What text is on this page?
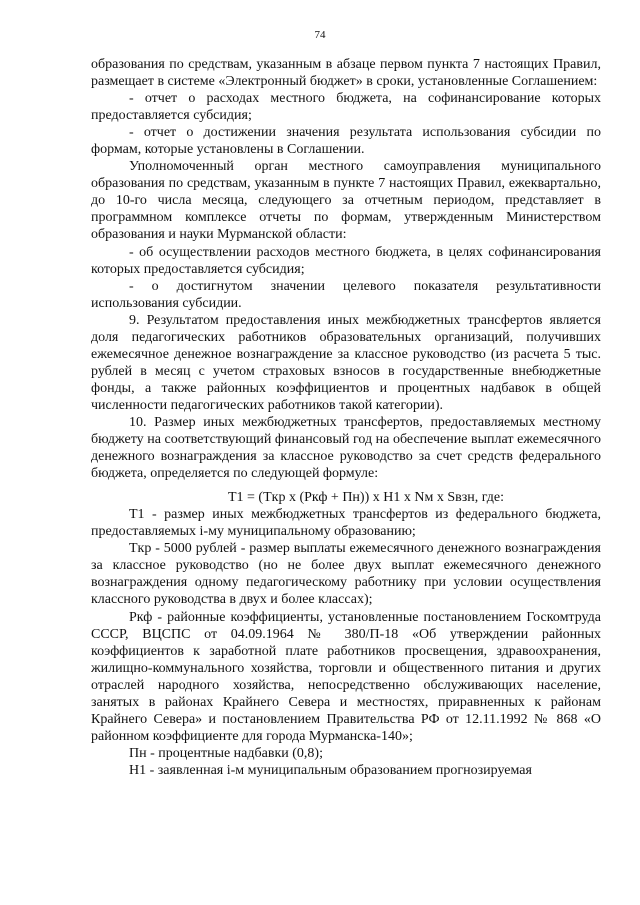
74

образования по средствам, указанным в абзаце первом пункта 7 настоящих Правил, размещает в системе «Электронный бюджет» в сроки, установленные Соглашением:

- отчет о расходах местного бюджета, на софинансирование которых предоставляется субсидия;

- отчет о достижении значения результата использования субсидии по формам, которые установлены в Соглашении.

Уполномоченный орган местного самоуправления муниципального образования по средствам, указанным в пункте 7 настоящих Правил, ежеквартально, до 10-го числа месяца, следующего за отчетным периодом, представляет в программном комплексе отчеты по формам, утвержденным Министерством образования и науки Мурманской области:

- об осуществлении расходов местного бюджета, в целях софинансирования которых предоставляется субсидия;

- о достигнутом значении целевого показателя результативности использования субсидии.

9. Результатом предоставления иных межбюджетных трансфертов является доля педагогических работников образовательных организаций, получивших ежемесячное денежное вознаграждение за классное руководство (из расчета 5 тыс. рублей в месяц с учетом страховых взносов в государственные внебюджетные фонды, а также районных коэффициентов и процентных надбавок в общей численности педагогических работников такой категории).

10. Размер иных межбюджетных трансфертов, предоставляемых местному бюджету на соответствующий финансовый год на обеспечение выплат ежемесячного денежного вознаграждения за классное руководство за счет средств федерального бюджета, определяется по следующей формуле:

T1 = (Tкр x (Pкф + Пн)) x H1 x Nм x Sвзн, где:

T1 - размер иных межбюджетных трансфертов из федерального бюджета, предоставляемых i-му муниципальному образованию;

Tкр - 5000 рублей - размер выплаты ежемесячного денежного вознаграждения за классное руководство (но не более двух выплат ежемесячного денежного вознаграждения одному педагогическому работнику при условии осуществления классного руководства в двух и более классах);

Pкф - районные коэффициенты, установленные постановлением Госкомтруда СССР, ВЦСПС от 04.09.1964 № 380/П-18 «Об утверждении районных коэффициентов к заработной плате работников просвещения, здравоохранения, жилищно-коммунального хозяйства, торговли и общественного питания и других отраслей народного хозяйства, непосредственно обслуживающих население, занятых в районах Крайнего Севера и местностях, приравненных к районам Крайнего Севера» и постановлением Правительства РФ от 12.11.1992 № 868 «О районном коэффициенте для города Мурманска-140»;

Пн - процентные надбавки (0,8);

H1 - заявленная i-м муниципальным образованием прогнозируемая
